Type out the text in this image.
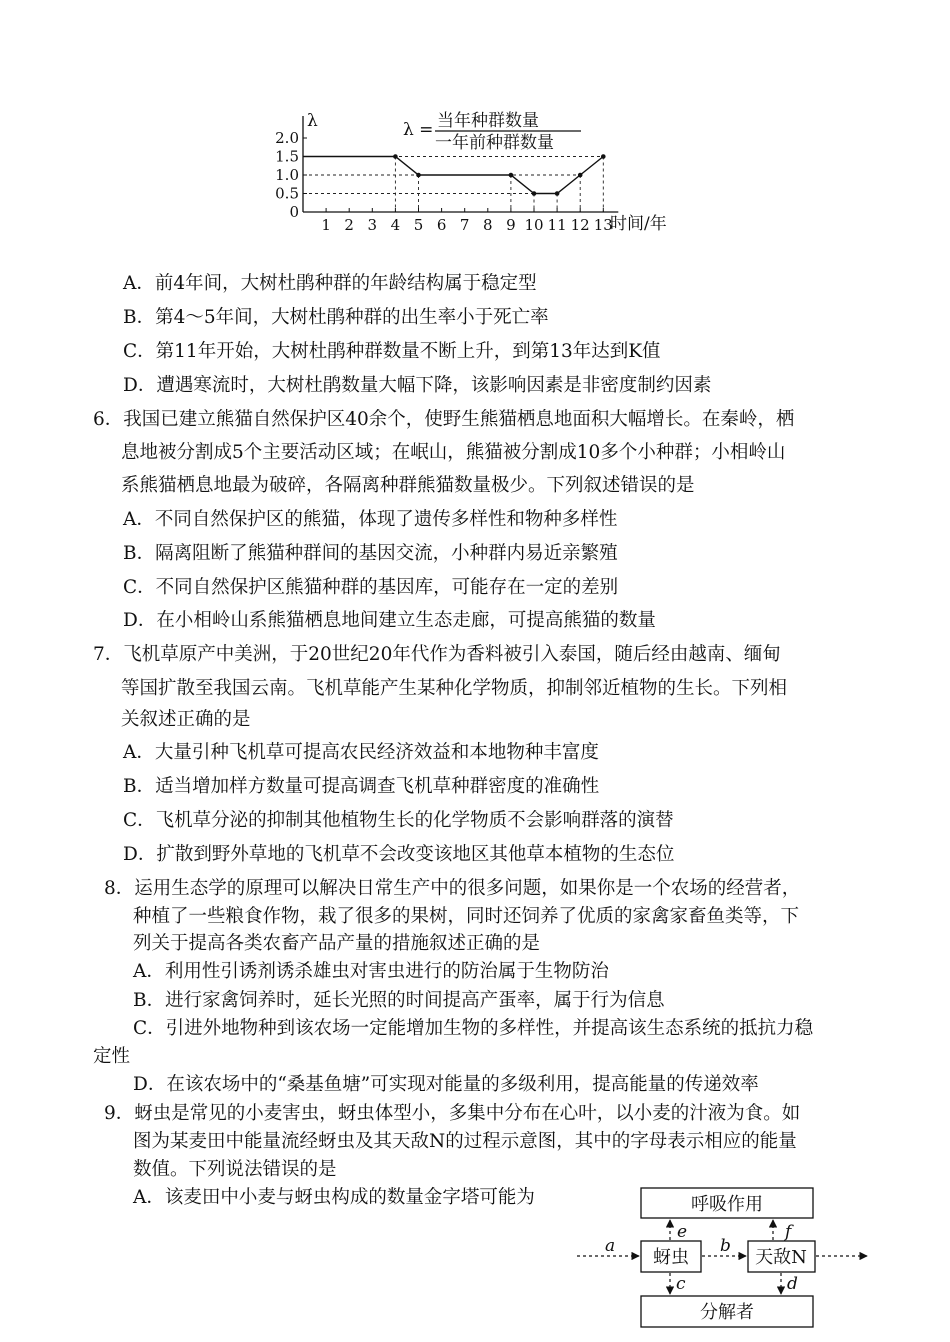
0
0.5
1.0
1.5
2.0
1 2 3 4 5 6 7 8 9 10 11 12 13
λ
时间/年
λ = 当年种群数量
一年前种群数量
A．前4年间，大树杜鹃种群的年龄结构属于稳定型
B．第4～5年间，大树杜鹃种群的出生率小于死亡率
C．第11年开始，大树杜鹃种群数量不断上升，到第13年达到K值
D．遭遇寒流时，大树杜鹃数量大幅下降，该影响因素是非密度制约因素
6．我国已建立熊猫自然保护区40余个，使野生熊猫栖息地面积大幅增长。在秦岭，栖
息地被分割成5个主要活动区域；在岷山，熊猫被分割成10多个小种群；小相岭山
系熊猫栖息地最为破碎，各隔离种群熊猫数量极少。下列叙述错误的是
A．不同自然保护区的熊猫，体现了遗传多样性和物种多样性
B．隔离阻断了熊猫种群间的基因交流，小种群内易近亲繁殖
C．不同自然保护区熊猫种群的基因库，可能存在一定的差别
D．在小相岭山系熊猫栖息地间建立生态走廊，可提高熊猫的数量
7．飞机草原产中美洲，于20世纪20年代作为香料被引入泰国，随后经由越南、缅甸
等国扩散至我国云南。飞机草能产生某种化学物质，抑制邻近植物的生长。下列相
关叙述正确的是
A．大量引种飞机草可提高农民经济效益和本地物种丰富度
B．适当增加样方数量可提高调查飞机草种群密度的准确性
C．飞机草分泌的抑制其他植物生长的化学物质不会影响群落的演替
D．扩散到野外草地的飞机草不会改变该地区其他草本植物的生态位
8．运用生态学的原理可以解决日常生产中的很多问题，如果你是一个农场的经营者，
种植了一些粮食作物，栽了很多的果树，同时还饲养了优质的家禽家畜鱼类等，下
列关于提高各类农畜产品产量的措施叙述正确的是
A．利用性引诱剂诱杀雄虫对害虫进行的防治属于生物防治
B．进行家禽饲养时，延长光照的时间提高产蛋率，属于行为信息
C．引进外地物种到该农场一定能增加生物的多样性，并提高该生态系统的抵抗力稳
定性
D．在该农场中的“桑基鱼塘”可实现对能量的多级利用，提高能量的传递效率
9．蚜虫是常见的小麦害虫，蚜虫体型小，多集中分布在心叶，以小麦的汁液为食。如
图为某麦田中能量流经蚜虫及其天敌N的过程示意图，其中的字母表示相应的能量
数值。下列说法错误的是
A．该麦田中小麦与蚜虫构成的数量金字塔可能为	呼吸作用
蚜虫	天敌N
分解者
a	b
e	f
c	d
